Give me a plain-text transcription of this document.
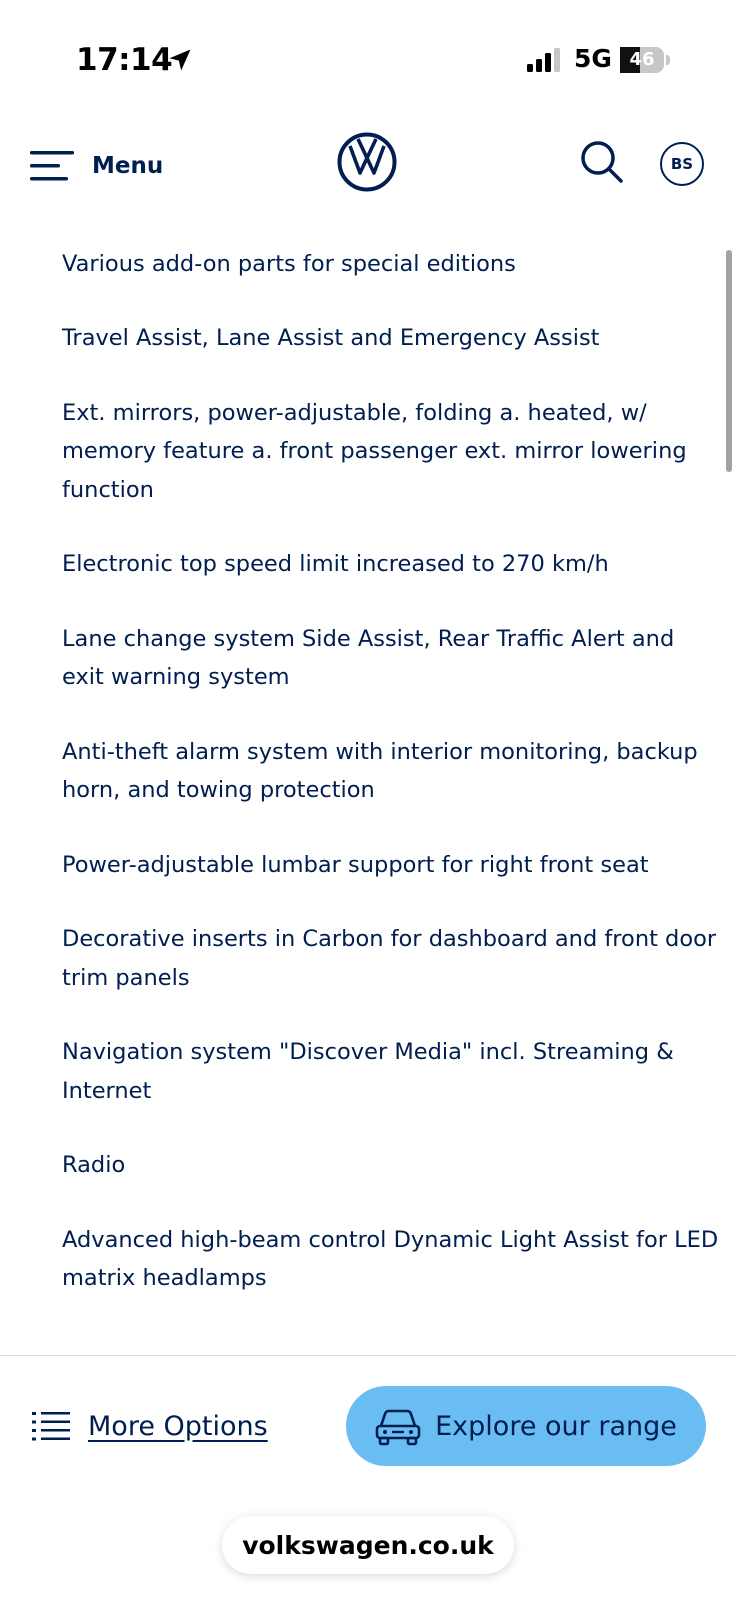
17:14	5G 46
Menu	BS
Various add-on parts for special editions
Travel Assist, Lane Assist and Emergency Assist
Ext. mirrors, power-adjustable, folding a. heated, w/ memory feature a. front passenger ext. mirror lowering function
Electronic top speed limit increased to 270 km/h
Lane change system Side Assist, Rear Traffic Alert and exit warning system
Anti-theft alarm system with interior monitoring, backup horn, and towing protection
Power-adjustable lumbar support for right front seat
Decorative inserts in Carbon for dashboard and front door trim panels
Navigation system "Discover Media" incl. Streaming & Internet
Radio
Advanced high-beam control Dynamic Light Assist for LED matrix headlamps
More Options	Explore our range
volkswagen.co.uk
